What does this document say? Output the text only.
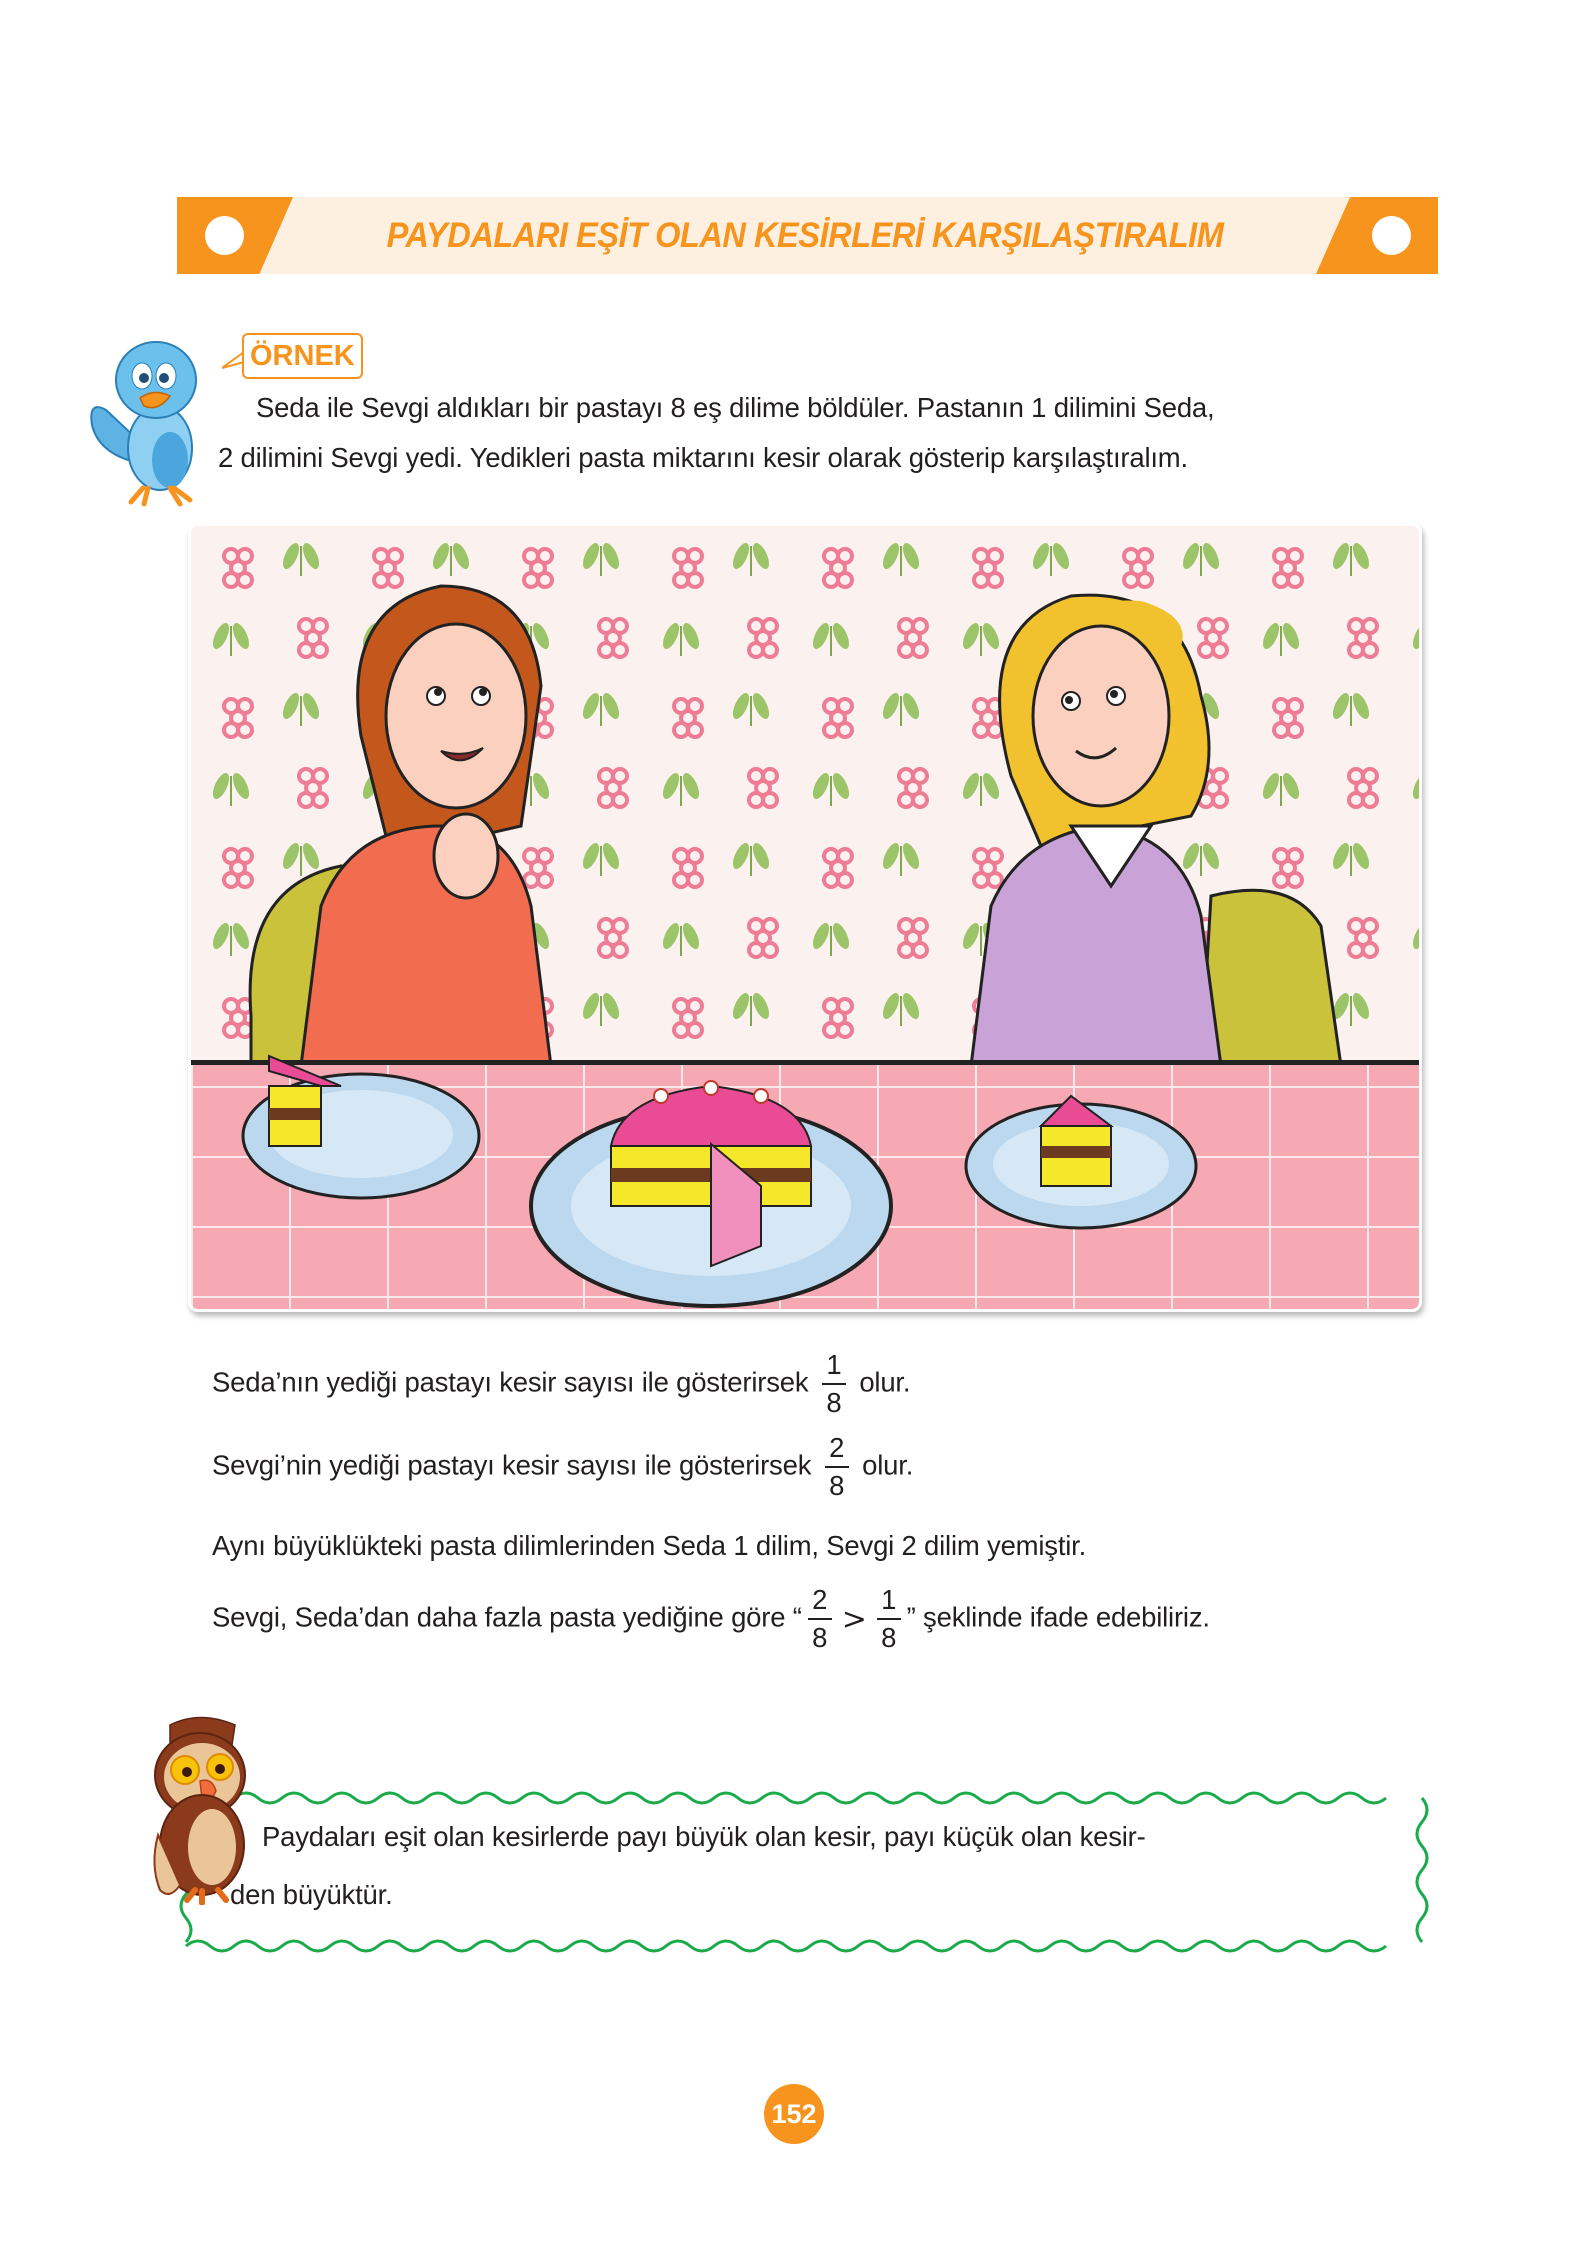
PAYDALARI EŞİT OLAN KESİRLERİ KARŞILAŞTIRALIM
ÖRNEK
Seda ile Sevgi aldıkları bir pastayı 8 eş dilime böldüler. Pastanın 1 dilimini Seda,
2 dilimini Sevgi yedi. Yedikleri pasta miktarını kesir olarak gösterip karşılaştıralım.
Seda’nın yediği pastayı kesir sayısı ile gösterirsek $\frac{1}{8}$ olur.
Sevgi’nin yediği pastayı kesir sayısı ile gösterirsek $\frac{2}{8}$ olur.
Aynı büyüklükteki pasta dilimlerinden Seda 1 dilim, Sevgi 2 dilim yemiştir.
Sevgi, Seda’dan daha fazla pasta yediğine göre “ $\frac{2}{8} > \frac{1}{8}$ ” şeklinde ifade edebiliriz.
Paydaları eşit olan kesirlerde payı büyük olan kesir, payı küçük olan kesir-
den büyüktür.
152
